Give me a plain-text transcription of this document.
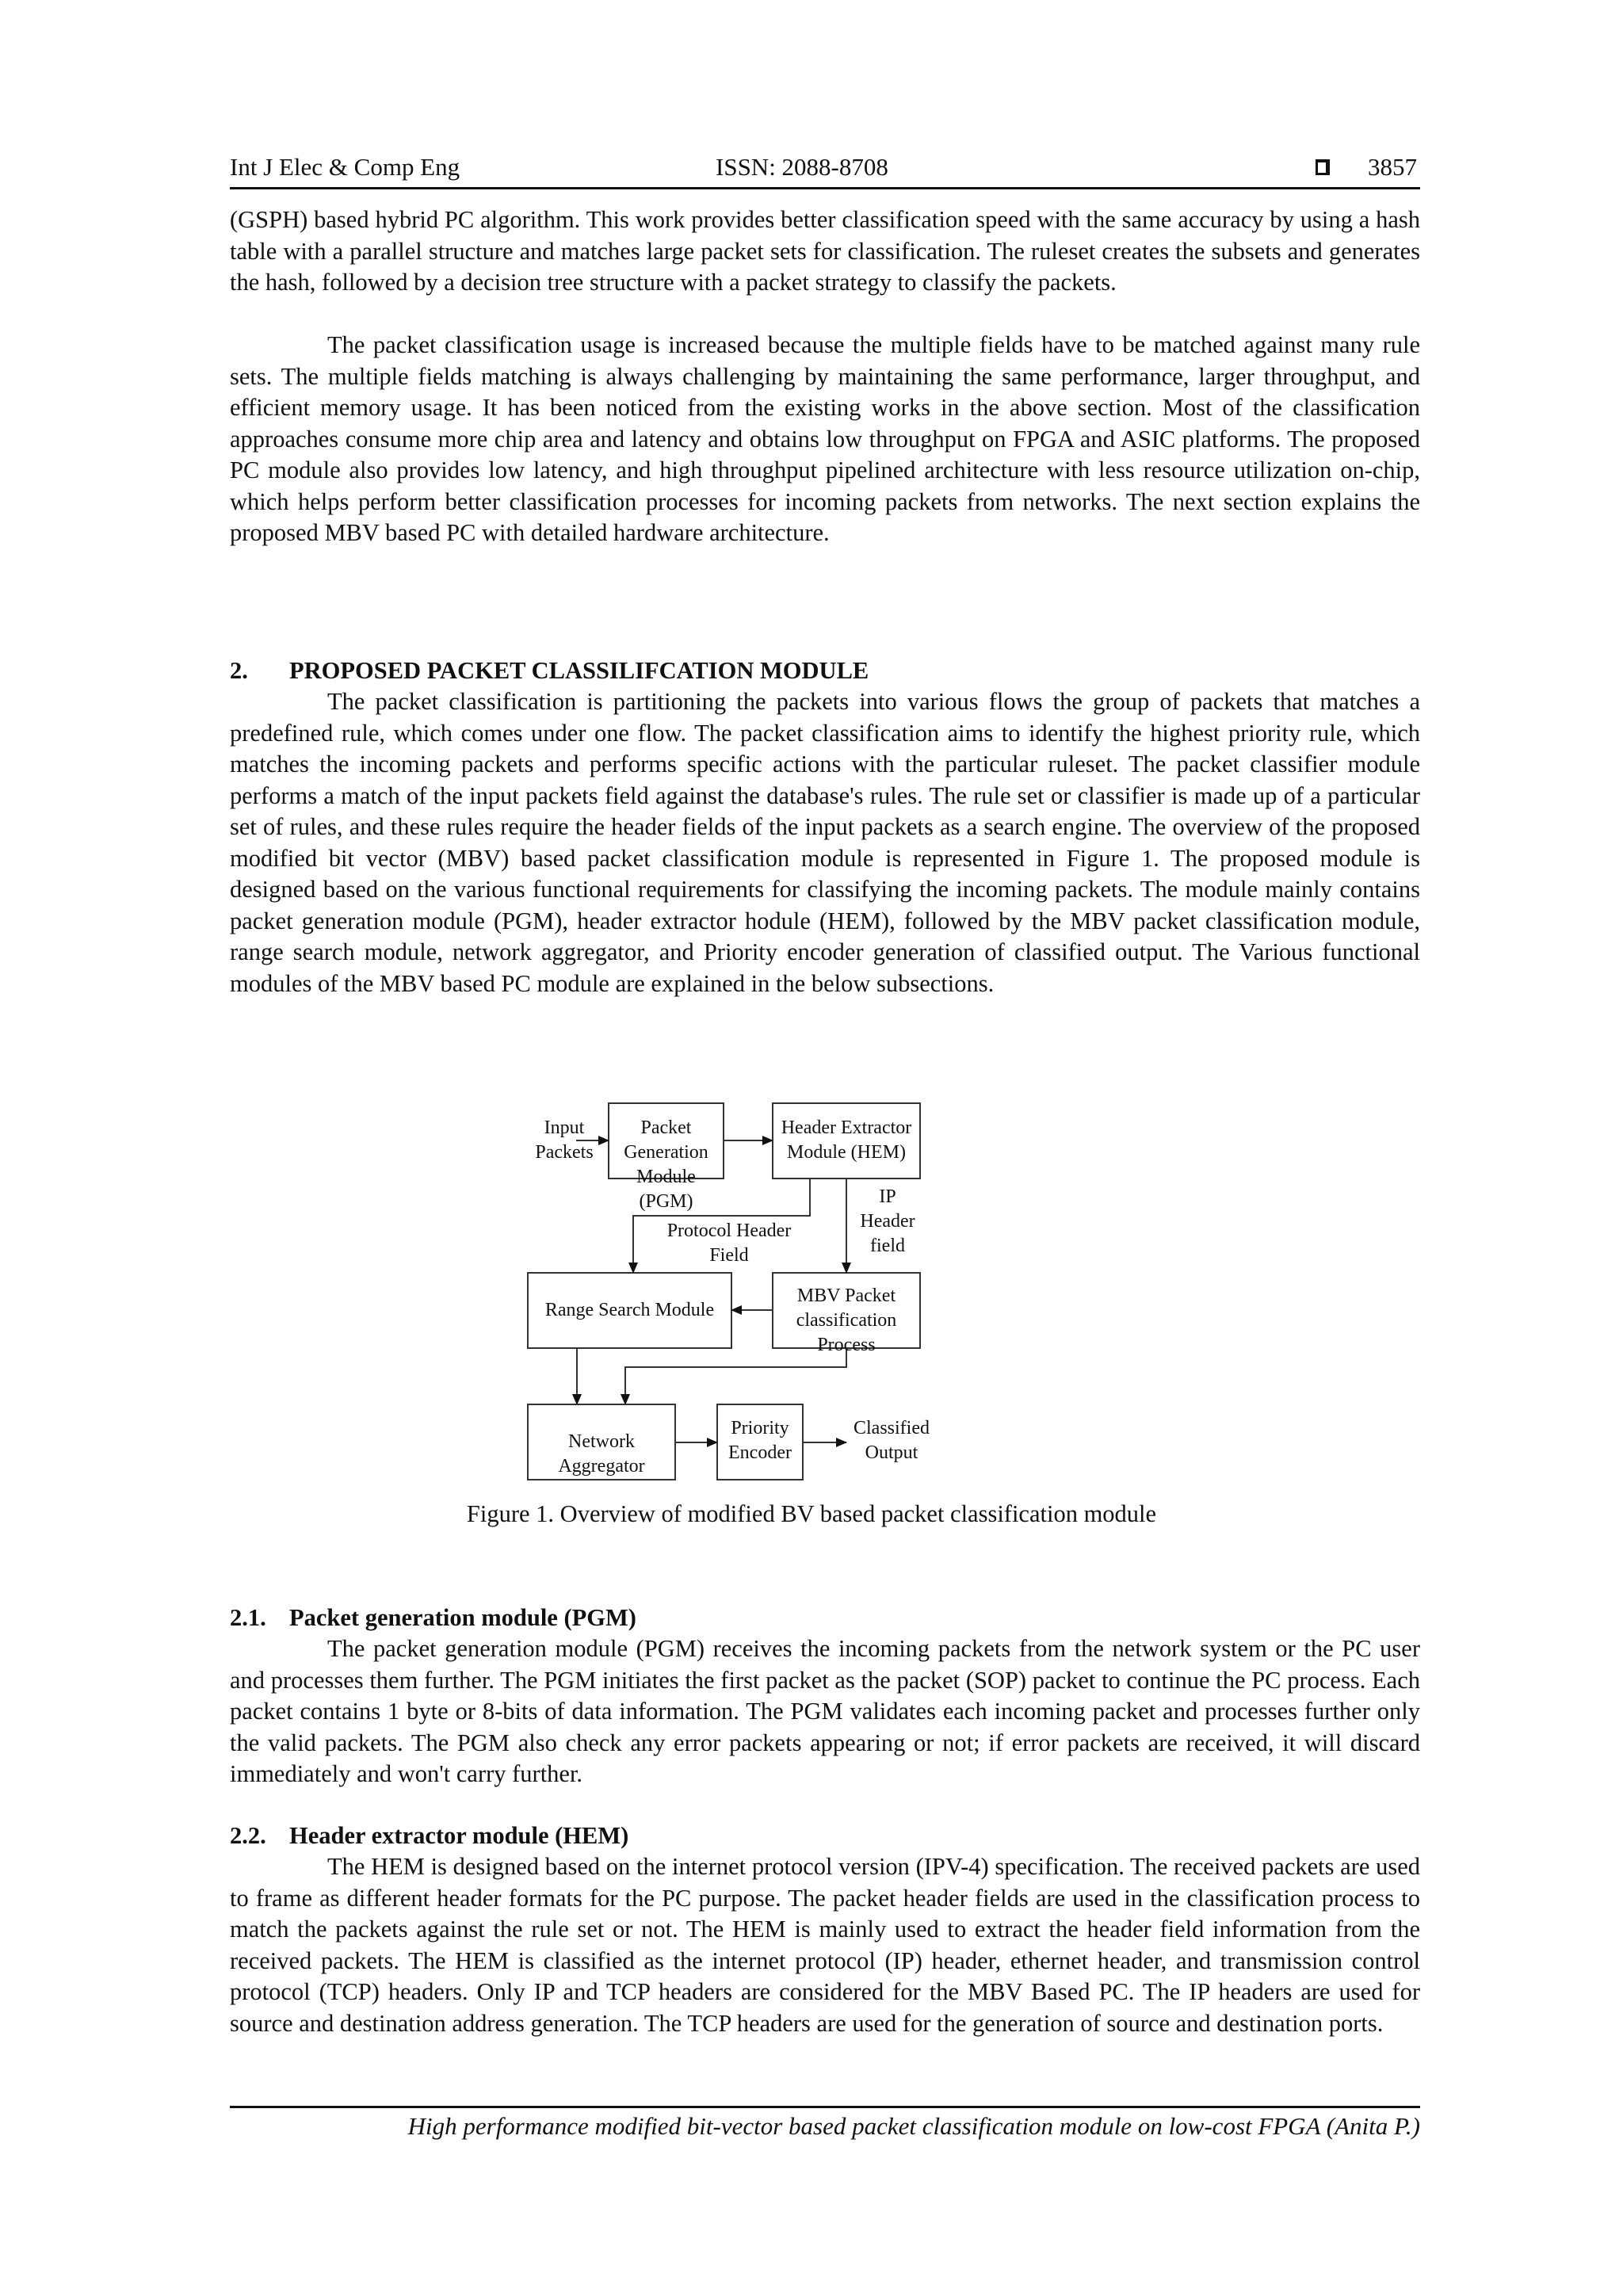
Int J Elec & Comp Eng	ISSN: 2088-8708	3857

(GSPH) based hybrid PC algorithm. This work provides better classification speed with the same accuracy by using a hash table with a parallel structure and matches large packet sets for classification. The ruleset creates the subsets and generates the hash, followed by a decision tree structure with a packet strategy to classify the packets.

The packet classification usage is increased because the multiple fields have to be matched against many rule sets. The multiple fields matching is always challenging by maintaining the same performance, larger throughput, and efficient memory usage. It has been noticed from the existing works in the above section. Most of the classification approaches consume more chip area and latency and obtains low throughput on FPGA and ASIC platforms. The proposed PC module also provides low latency, and high throughput pipelined architecture with less resource utilization on-chip, which helps perform better classification processes for incoming packets from networks. The next section explains the proposed MBV based PC with detailed hardware architecture.

2. PROPOSED PACKET CLASSILIFCATION MODULE

The packet classification is partitioning the packets into various flows the group of packets that matches a predefined rule, which comes under one flow. The packet classification aims to identify the highest priority rule, which matches the incoming packets and performs specific actions with the particular ruleset. The packet classifier module performs a match of the input packets field against the database's rules. The rule set or classifier is made up of a particular set of rules, and these rules require the header fields of the input packets as a search engine. The overview of the proposed modified bit vector (MBV) based packet classification module is represented in Figure 1. The proposed module is designed based on the various functional requirements for classifying the incoming packets. The module mainly contains packet generation module (PGM), header extractor hodule (HEM), followed by the MBV packet classification module, range search module, network aggregator, and Priority encoder generation of classified output. The Various functional modules of the MBV based PC module are explained in the below subsections.

2.1. Packet generation module (PGM)

The packet generation module (PGM) receives the incoming packets from the network system or the PC user and processes them further. The PGM initiates the first packet as the packet (SOP) packet to continue the PC process. Each packet contains 1 byte or 8-bits of data information. The PGM validates each incoming packet and processes further only the valid packets. The PGM also check any error packets appearing or not; if error packets are received, it will discard immediately and won't carry further.

2.2. Header extractor module (HEM)

The HEM is designed based on the internet protocol version (IPV-4) specification. The received packets are used to frame as different header formats for the PC purpose. The packet header fields are used in the classification process to match the packets against the rule set or not. The HEM is mainly used to extract the header field information from the received packets. The HEM is classified as the internet protocol (IP) header, ethernet header, and transmission control protocol (TCP) headers. Only IP and TCP headers are considered for the MBV Based PC. The IP headers are used for source and destination address generation. The TCP headers are used for the generation of source and destination ports.

High performance modified bit-vector based packet classification module on low-cost FPGA (Anita P.)
Input
Packets
Packet Generation
Module (PGM)
Header Extractor
Module (HEM)
Protocol Header Field
IP Header
field
Range Search Module
MBV Packet
classification Process
Network Aggregator
Priority
Encoder
Classified
Output
Figure 1. Overview of modified BV based packet classification module
